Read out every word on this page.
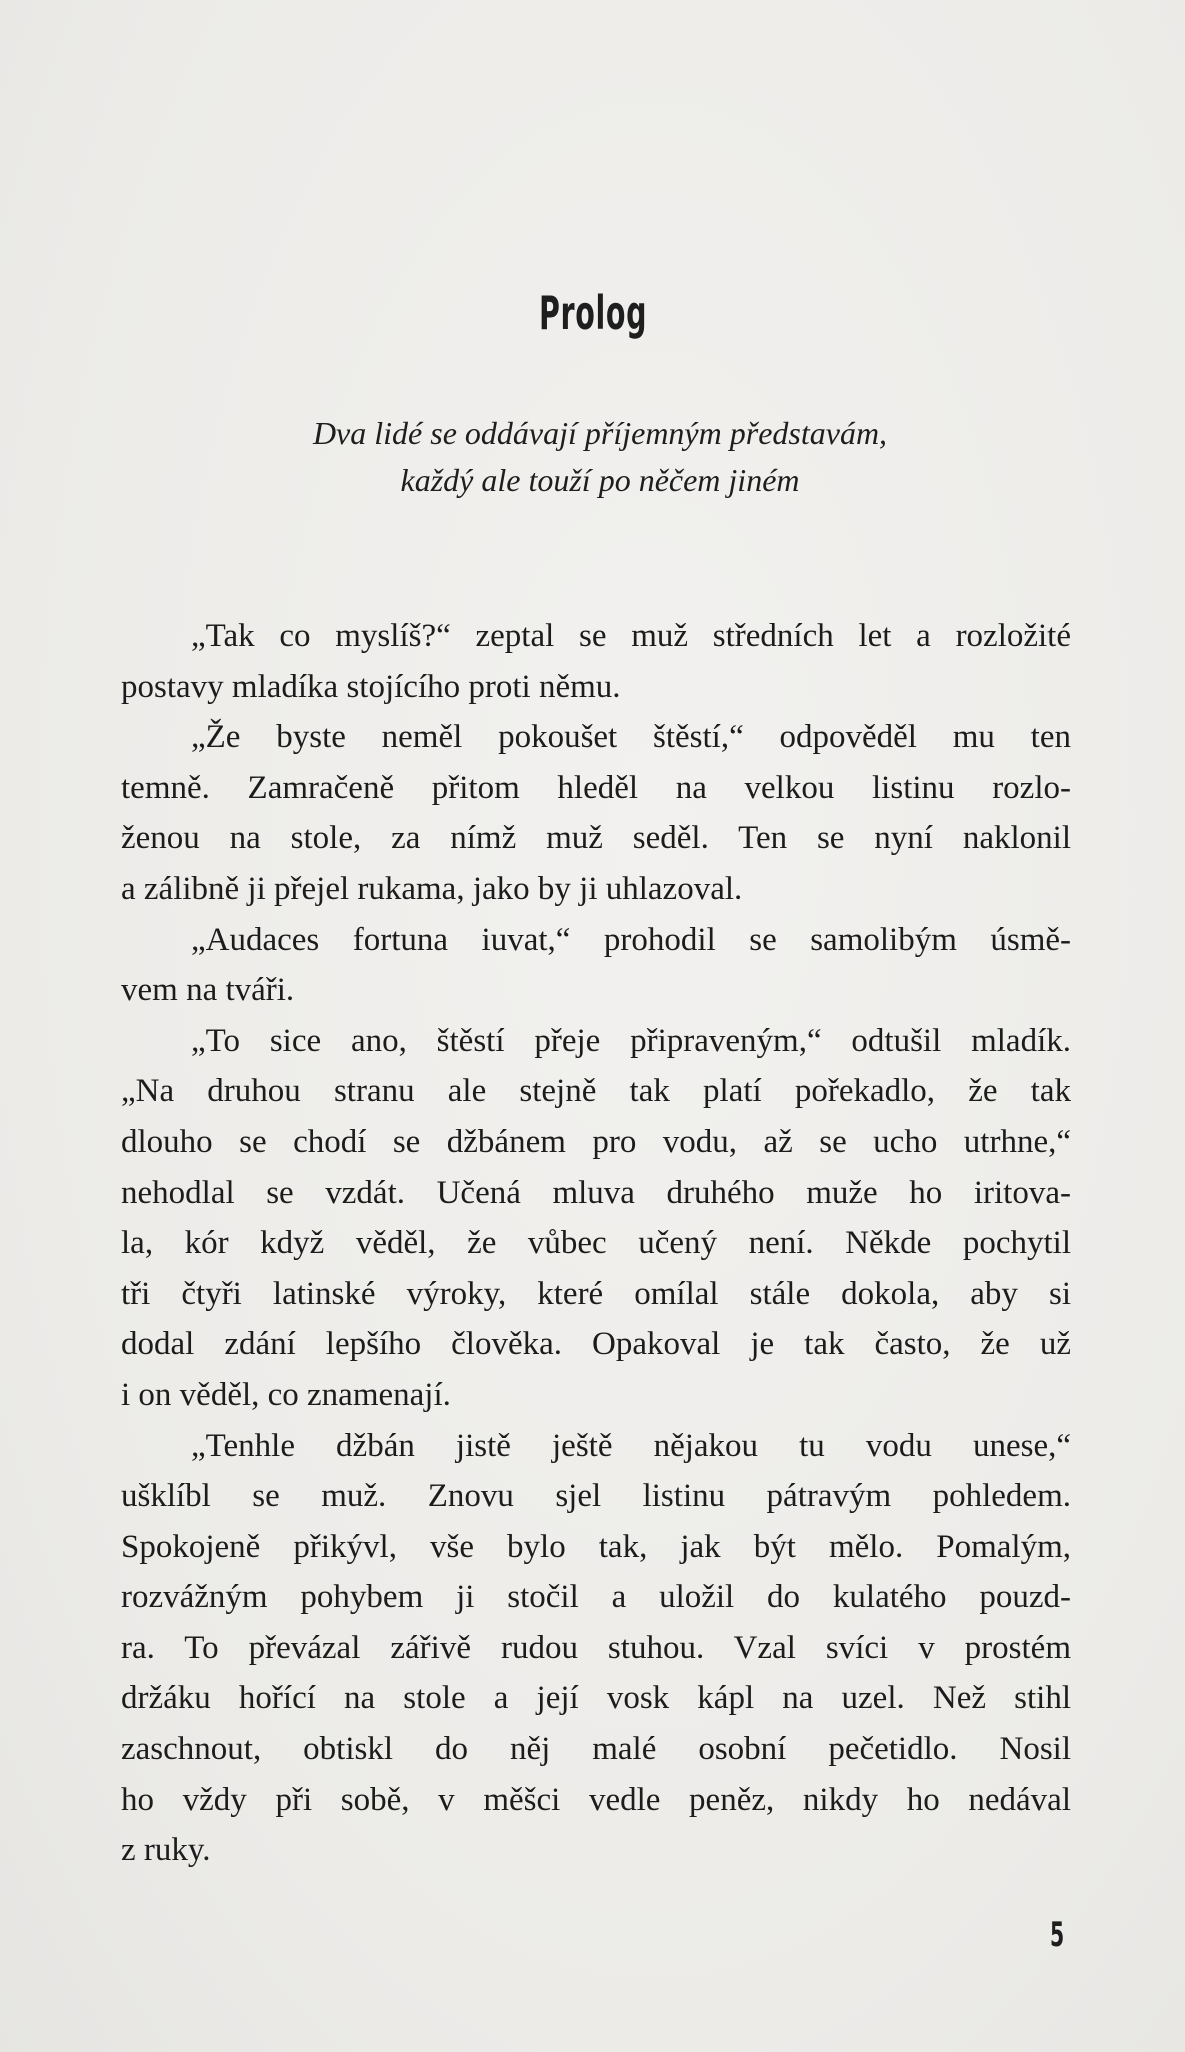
Prolog
Dva lidé se oddávají příjemným představám,
každý ale touží po něčem jiném
„Tak co myslíš?“ zeptal se muž středních let a rozložité
postavy mladíka stojícího proti němu.
„Že byste neměl pokoušet štěstí,“ odpověděl mu ten
temně. Zamračeně přitom hleděl na velkou listinu rozlo-
ženou na stole, za nímž muž seděl. Ten se nyní naklonil
a zálibně ji přejel rukama, jako by ji uhlazoval.
„Audaces fortuna iuvat,“ prohodil se samolibým úsmě-
vem na tváři.
„To sice ano, štěstí přeje připraveným,“ odtušil mladík.
„Na druhou stranu ale stejně tak platí pořekadlo, že tak
dlouho se chodí se džbánem pro vodu, až se ucho utrhne,“
nehodlal se vzdát. Učená mluva druhého muže ho iritova-
la, kór když věděl, že vůbec učený není. Někde pochytil
tři čtyři latinské výroky, které omílal stále dokola, aby si
dodal zdání lepšího člověka. Opakoval je tak často, že už
i on věděl, co znamenají.
„Tenhle džbán jistě ještě nějakou tu vodu unese,“
ušklíbl se muž. Znovu sjel listinu pátravým pohledem.
Spokojeně přikývl, vše bylo tak, jak být mělo. Pomalým,
rozvážným pohybem ji stočil a uložil do kulatého pouzd-
ra. To převázal zářivě rudou stuhou. Vzal svíci v prostém
držáku hořící na stole a její vosk kápl na uzel. Než stihl
zaschnout, obtiskl do něj malé osobní pečetidlo. Nosil
ho vždy při sobě, v měšci vedle peněz, nikdy ho nedával
z ruky.
5
